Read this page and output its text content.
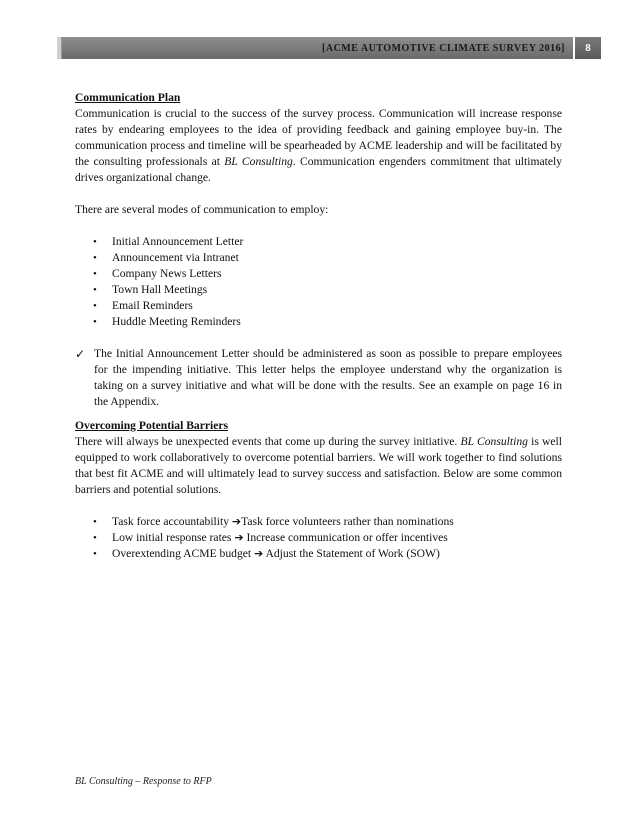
[ACME AUTOMOTIVE CLIMATE SURVEY 2016] 8

Communication Plan

Communication is crucial to the success of the survey process. Communication will increase response rates by endearing employees to the idea of providing feedback and gaining employee buy-in. The communication process and timeline will be spearheaded by ACME leadership and will be facilitated by the consulting professionals at BL Consulting. Communication engenders commitment that ultimately drives organizational change.

There are several modes of communication to employ:

•	Initial Announcement Letter
•	Announcement via Intranet
•	Company News Letters
•	Town Hall Meetings
•	Email Reminders
•	Huddle Meeting Reminders
✓ The Initial Announcement Letter should be administered as soon as possible to prepare employees for the impending initiative. This letter helps the employee understand why the organization is taking on a survey initiative and what will be done with the results. See an example on page 16 in the Appendix.

Overcoming Potential Barriers

There will always be unexpected events that come up during the survey initiative. BL Consulting is well equipped to work collaboratively to overcome potential barriers. We will work together to find solutions that best fit ACME and will ultimately lead to survey success and satisfaction. Below are some common barriers and potential solutions.

•	Task force accountability ➔Task force volunteers rather than nominations
•	Low initial response rates ➔ Increase communication or offer incentives
•	Overextending ACME budget ➔ Adjust the Statement of Work (SOW)
BL Consulting – Response to RFP
